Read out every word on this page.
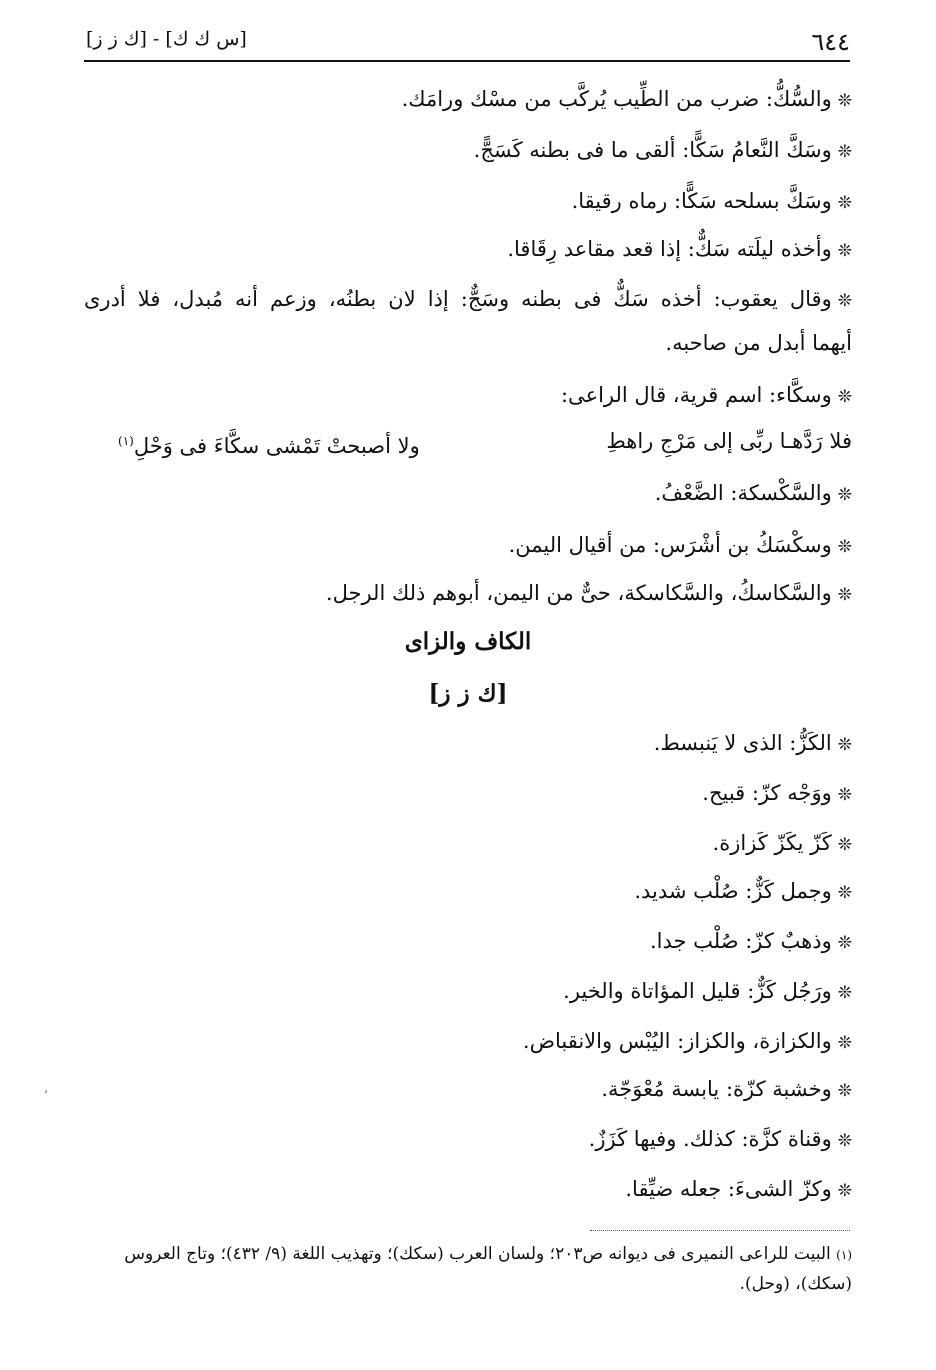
٦٤٤
[س ك ك] - [ك ز ز]
❊والسُّكُّ: ضرب من الطِّيب يُركَّب من مسْك ورامَك.
❊وسَكَّ النَّعامُ سَكًّا: ألقى ما فى بطنه كَسَجًّ.
❊وسَكَّ بسلحه سَكًّا: رماه رقيقا.
❊وأخذه ليلَته سَكٌّ: إذا قعد مقاعد رِقَاقا.
❊وقال يعقوب: أخذه سَكٌّ فى بطنه وسَجٌّ: إذا لان بطنُه، وزعم أنه مُبدل، فلا أدرى
أيهما أبدل من صاحبه.
❊وسكَّاء: اسم قرية، قال الراعى:
فلا رَدَّهـا ربِّى إلى مَرْجِ راهطِ
ولا أصبحتْ تَمْشى سكَّاءَ فى وَحْلِ$^{(١)}$
❊والسَّكْسكة: الضَّعْفُ.
❊وسكْسَكُ بن أشْرَس: من أقيال اليمن.
❊والسَّكاسكُ، والسَّكاسكة، حىٌّ من اليمن، أبوهم ذلك الرجل.
الكاف والزاى
[ك ز ز]
❊الكَزُّ: الذى لا يَنبسط.
❊ووَجْه كزّ: قبيح.
❊كَزّ يكَزّ كَزازة.
❊وجمل كَزٌّ: صُلْب شديد.
❊وذهبٌ كزّ: صُلْب جدا.
❊ورَجُل كَزٌّ: قليل المؤاتاة والخير.
❊والكزازة، والكزاز: اليُبْس والانقباض.
❊وخشبة كزّة: يابسة مُعْوَجّة.
❊وقناة كزَّة: كذلك. وفيها كَزَزٌ.
❊وكزّ الشىءَ: جعله ضيِّقا.
(١) البيت للراعى النميرى فى ديوانه ص٢٠٣؛ ولسان العرب (سكك)؛ وتهذيب اللغة (٩/ ٤٣٢)؛ وتاج العروس
(سكك)، (وحل).
ʻ
